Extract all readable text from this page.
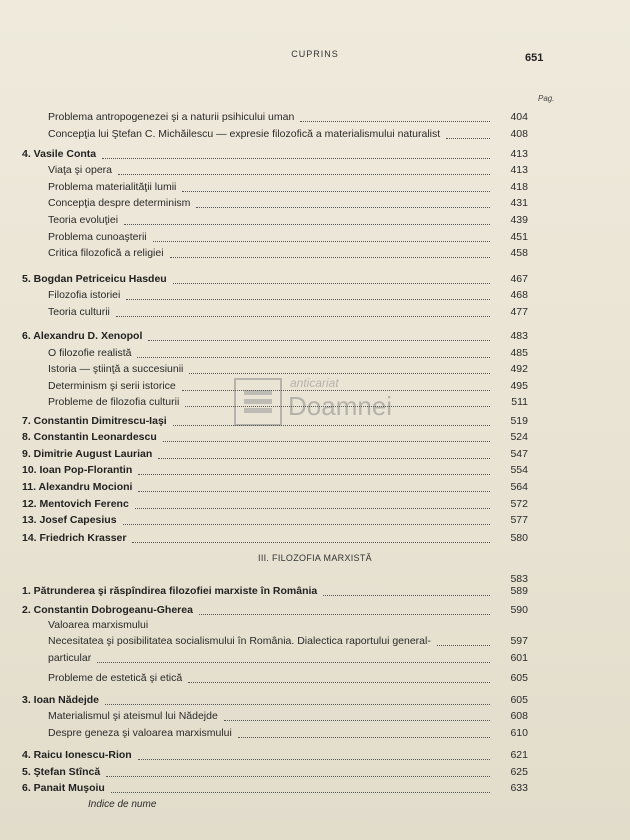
CUPRINS	651
Pag.
III. FILOZOFIA MARXISTĂ
anticariat
Doamnei
Problema antropogenezei şi a naturii psihicului uman	404
Concepţia lui Ştefan C. Michăilescu — expresie filozofică a materialismului naturalist	408
4. Vasile Conta	413
Viaţa şi opera	413
Problema materialităţii lumii	418
Concepţia despre determinism	431
Teoria evoluţiei	439
Problema cunoaşterii	451
Critica filozofică a religiei	458
5. Bogdan Petriceicu Hasdeu	467
Filozofia istoriei	468
Teoria culturii	477
6. Alexandru D. Xenopol	483
O filozofie realistă	485
Istoria — ştiinţă a succesiunii	492
Determinism şi serii istorice	495
Probleme de filozofia culturii	511
7. Constantin Dimitrescu-Iaşi	519
8. Constantin Leonardescu	524
9. Dimitrie August Laurian	547
10. Ioan Pop-Florantin	554
11. Alexandru Mocioni	564
12. Mentovich Ferenc	572
13. Josef Capesius	577
14. Friedrich Krasser	580
583
1. Pătrunderea şi răspîndirea filozofiei marxiste în România	589
2. Constantin Dobrogeanu-Gherea	590
Valoarea marxismului
Necesitatea şi posibilitatea socialismului în România. Dialectica raportului general-	597
particular	601
Probleme de estetică şi etică	605
3. Ioan Nădejde	605
Materialismul şi ateismul lui Nădejde	608
Despre geneza şi valoarea marxismului	610
4. Raicu Ionescu-Rion	621
5. Ştefan Stîncă	625
6. Panait Muşoiu	633
Indice de nume
